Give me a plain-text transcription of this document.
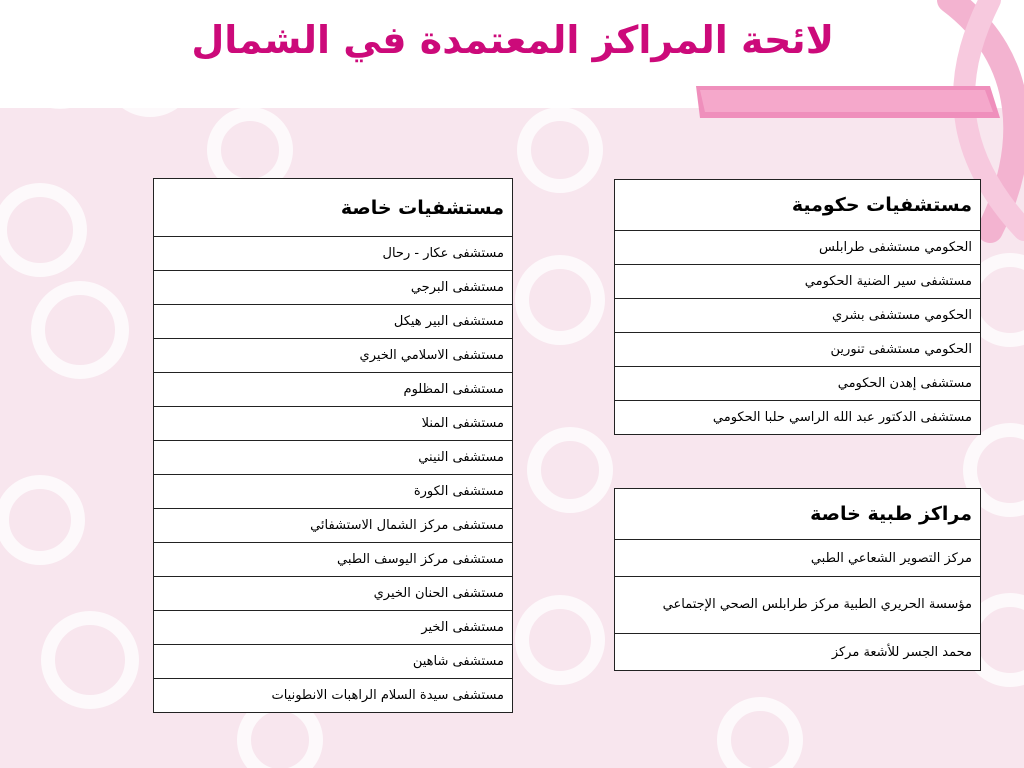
لائحة المراكز المعتمدة في الشمال
مستشفيات خاصة
مستشفى عكار - رحال
مستشفى البرجي
مستشفى البير هيكل
مستشفى الاسلامي الخيري
مستشفى المظلوم
مستشفى المنلا
مستشفى النيني
مستشفى الكورة
مستشفى مركز الشمال الاستشفائي
مستشفى مركز اليوسف الطبي
مستشفى الحنان الخيري
مستشفى الخير
مستشفى شاهين
مستشفى سيدة السلام الراهبات الانطونيات
مستشفيات حكومية
الحكومي مستشفى طرابلس
مستشفى سير الضنية الحكومي
الحكومي مستشفى بشري
الحكومي مستشفى تنورين
مستشفى إهدن الحكومي
مستشفى الدكتور عبد الله الراسي حلبا الحكومي
مراكز طبية خاصة
مركز التصوير الشعاعي الطبي
مؤسسة الحريري الطبية مركز طرابلس الصحي الإجتماعي
محمد الجسر للأشعة مركز
